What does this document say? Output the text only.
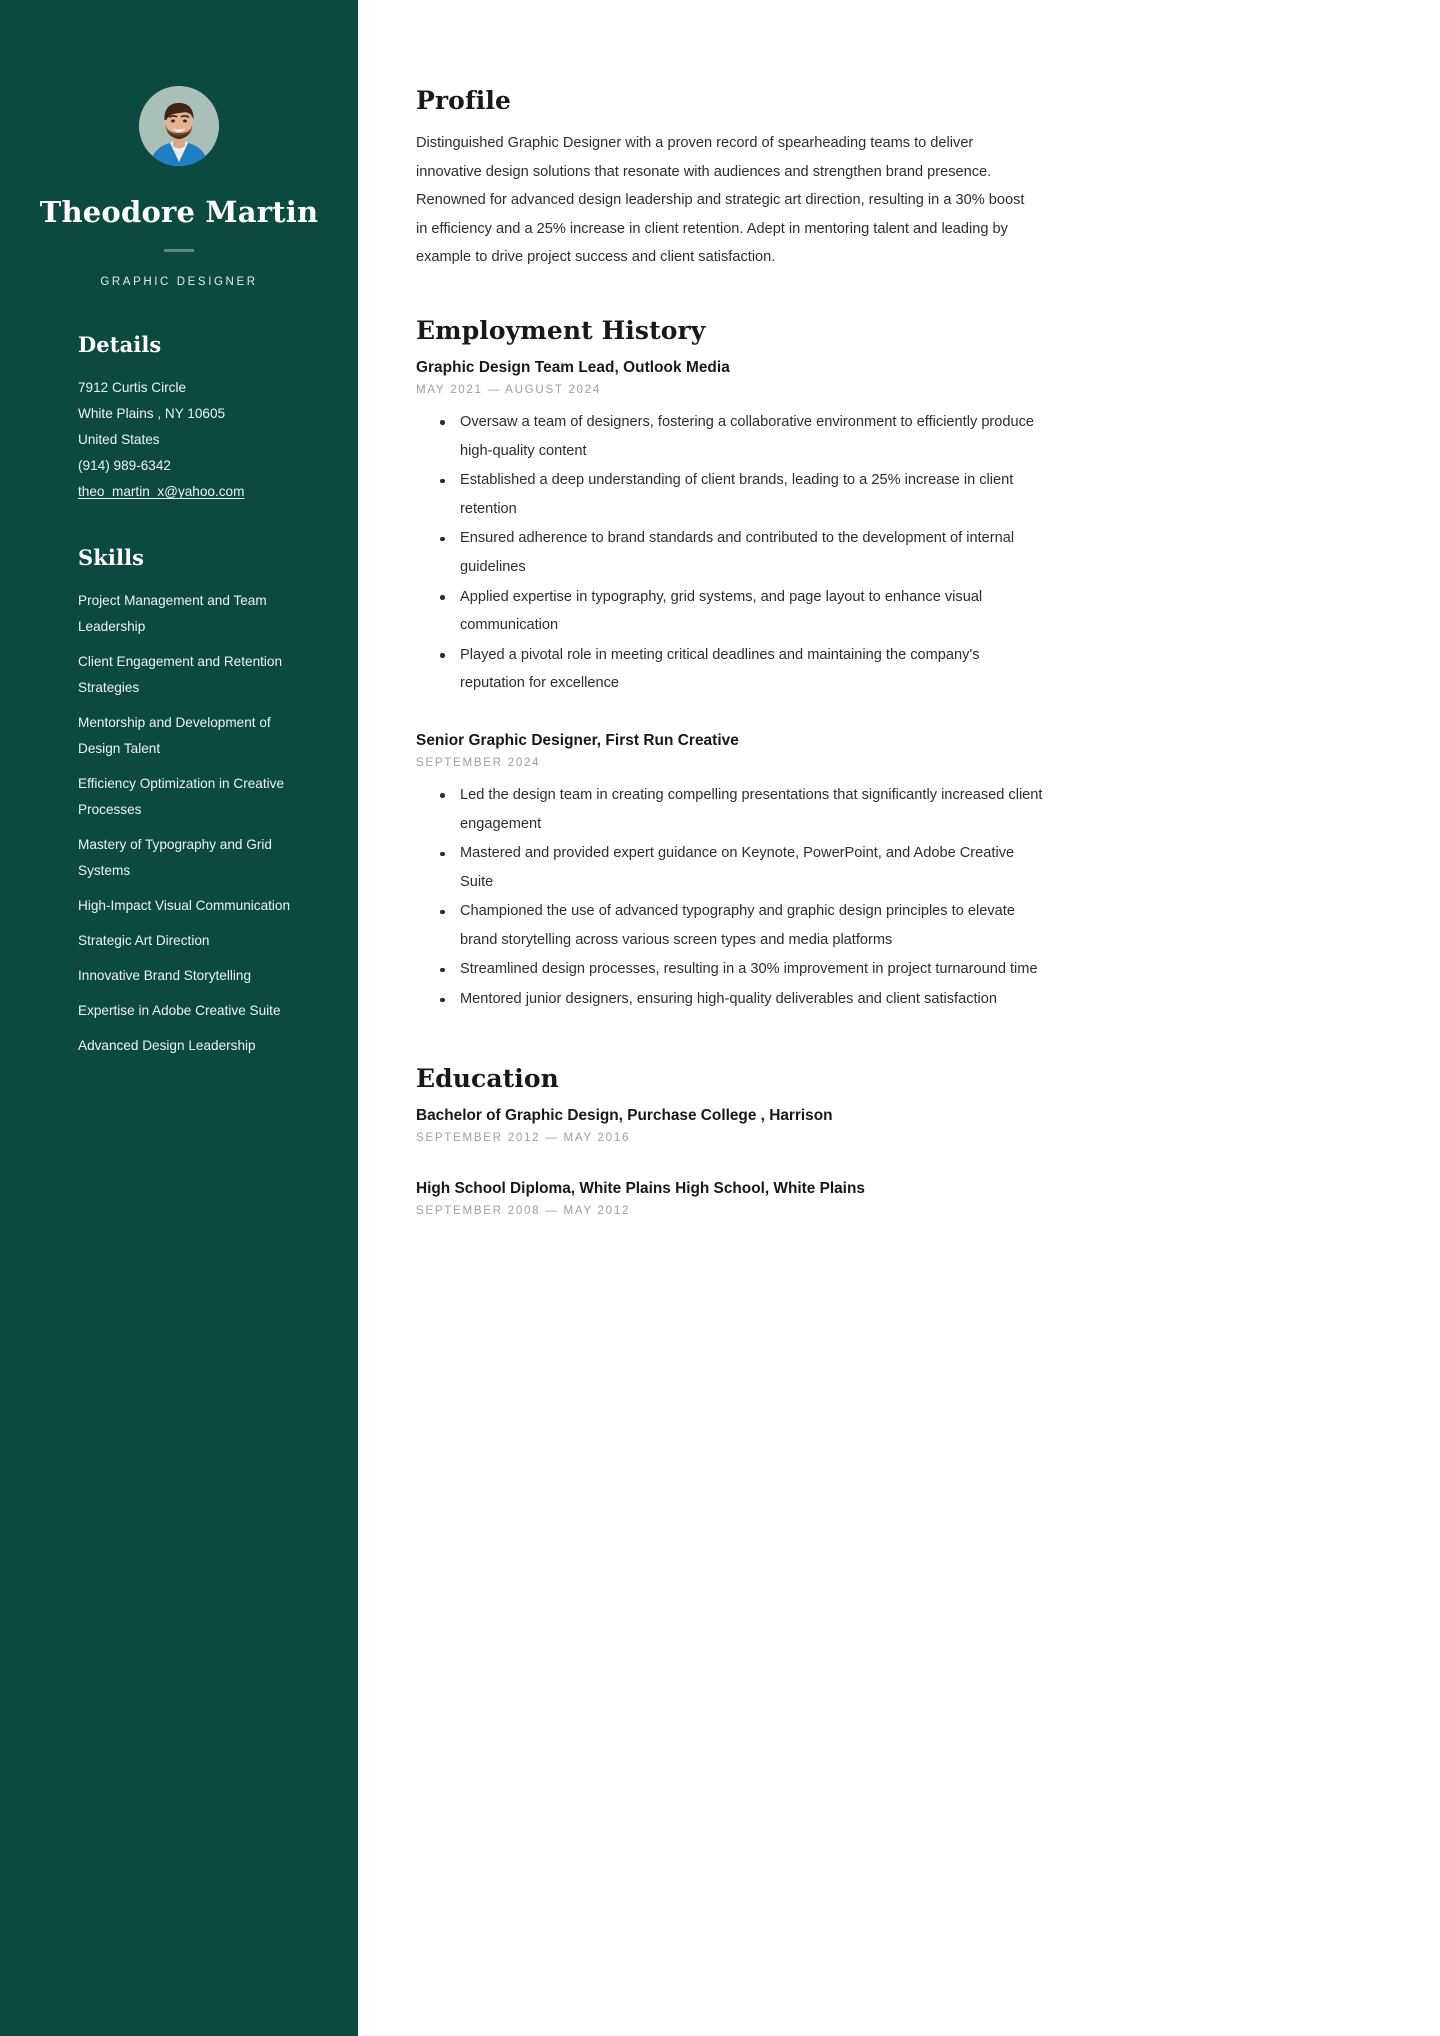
Theodore Martin
GRAPHIC DESIGNER
Details
7912 Curtis Circle
White Plains , NY 10605
United States
(914) 989-6342
theo_martin_x@yahoo.com
Skills
Project Management and Team Leadership
Client Engagement and Retention Strategies
Mentorship and Development of Design Talent
Efficiency Optimization in Creative Processes
Mastery of Typography and Grid Systems
High-Impact Visual Communication
Strategic Art Direction
Innovative Brand Storytelling
Expertise in Adobe Creative Suite
Advanced Design Leadership
Profile

Distinguished Graphic Designer with a proven record of spearheading teams to deliver innovative design solutions that resonate with audiences and strengthen brand presence. Renowned for advanced design leadership and strategic art direction, resulting in a 30% boost in efficiency and a 25% increase in client retention. Adept in mentoring talent and leading by example to drive project success and client satisfaction.

Employment History
Graphic Design Team Lead, Outlook Media
MAY 2021 — AUGUST 2024
Oversaw a team of designers, fostering a collaborative environment to efficiently produce high-quality content
Established a deep understanding of client brands, leading to a 25% increase in client retention
Ensured adherence to brand standards and contributed to the development of internal guidelines
Applied expertise in typography, grid systems, and page layout to enhance visual communication
Played a pivotal role in meeting critical deadlines and maintaining the company's reputation for excellence
Senior Graphic Designer, First Run Creative
SEPTEMBER 2024
Led the design team in creating compelling presentations that significantly increased client engagement
Mastered and provided expert guidance on Keynote, PowerPoint, and Adobe Creative Suite
Championed the use of advanced typography and graphic design principles to elevate brand storytelling across various screen types and media platforms
Streamlined design processes, resulting in a 30% improvement in project turnaround time
Mentored junior designers, ensuring high-quality deliverables and client satisfaction
Education
Bachelor of Graphic Design, Purchase College , Harrison
SEPTEMBER 2012 — MAY 2016
High School Diploma, White Plains High School, White Plains
SEPTEMBER 2008 — MAY 2012
